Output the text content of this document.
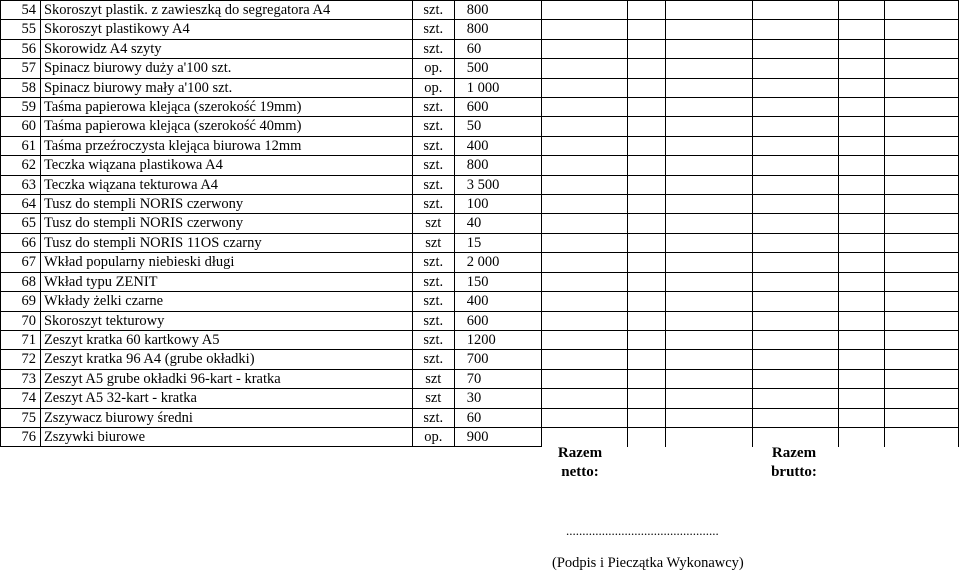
54	Skoroszyt plastik. z zawieszką do segregatora A4	szt.	800						
55	Skoroszyt plastikowy A4	szt.	800						
56	Skorowidz A4 szyty	szt.	60						
57	Spinacz biurowy duży a'100 szt.	op.	500						
58	Spinacz biurowy mały a'100 szt.	op.	1 000						
59	Taśma papierowa klejąca (szerokość 19mm)	szt.	600						
60	Taśma papierowa klejąca (szerokość 40mm)	szt.	50						
61	Taśma przeźroczysta klejąca biurowa 12mm	szt.	400						
62	Teczka wiązana plastikowa A4	szt.	800						
63	Teczka wiązana tekturowa A4	szt.	3 500						
64	Tusz do stempli NORIS czerwony	szt.	100						
65	Tusz do stempli NORIS czerwony	szt	40						
66	Tusz do stempli NORIS 11OS czarny	szt	15						
67	Wkład popularny niebieski długi	szt.	2 000						
68	Wkład typu ZENIT	szt.	150						
69	Wkłady żelki czarne	szt.	400						
70	Skoroszyt tekturowy	szt.	600						
71	Zeszyt kratka 60 kartkowy A5	szt.	1200						
72	Zeszyt kratka 96 A4 (grube okładki)	szt.	700						
73	Zeszyt A5 grube okładki 96-kart - kratka	szt	70						
74	Zeszyt A5 32-kart - kratka	szt	30						
75	Zszywacz biurowy średni	szt.	60						
76	Zszywki biurowe	op.	900						
Razem
netto:
Razem
brutto:
...............................................
(Podpis i Pieczątka Wykonawcy)
